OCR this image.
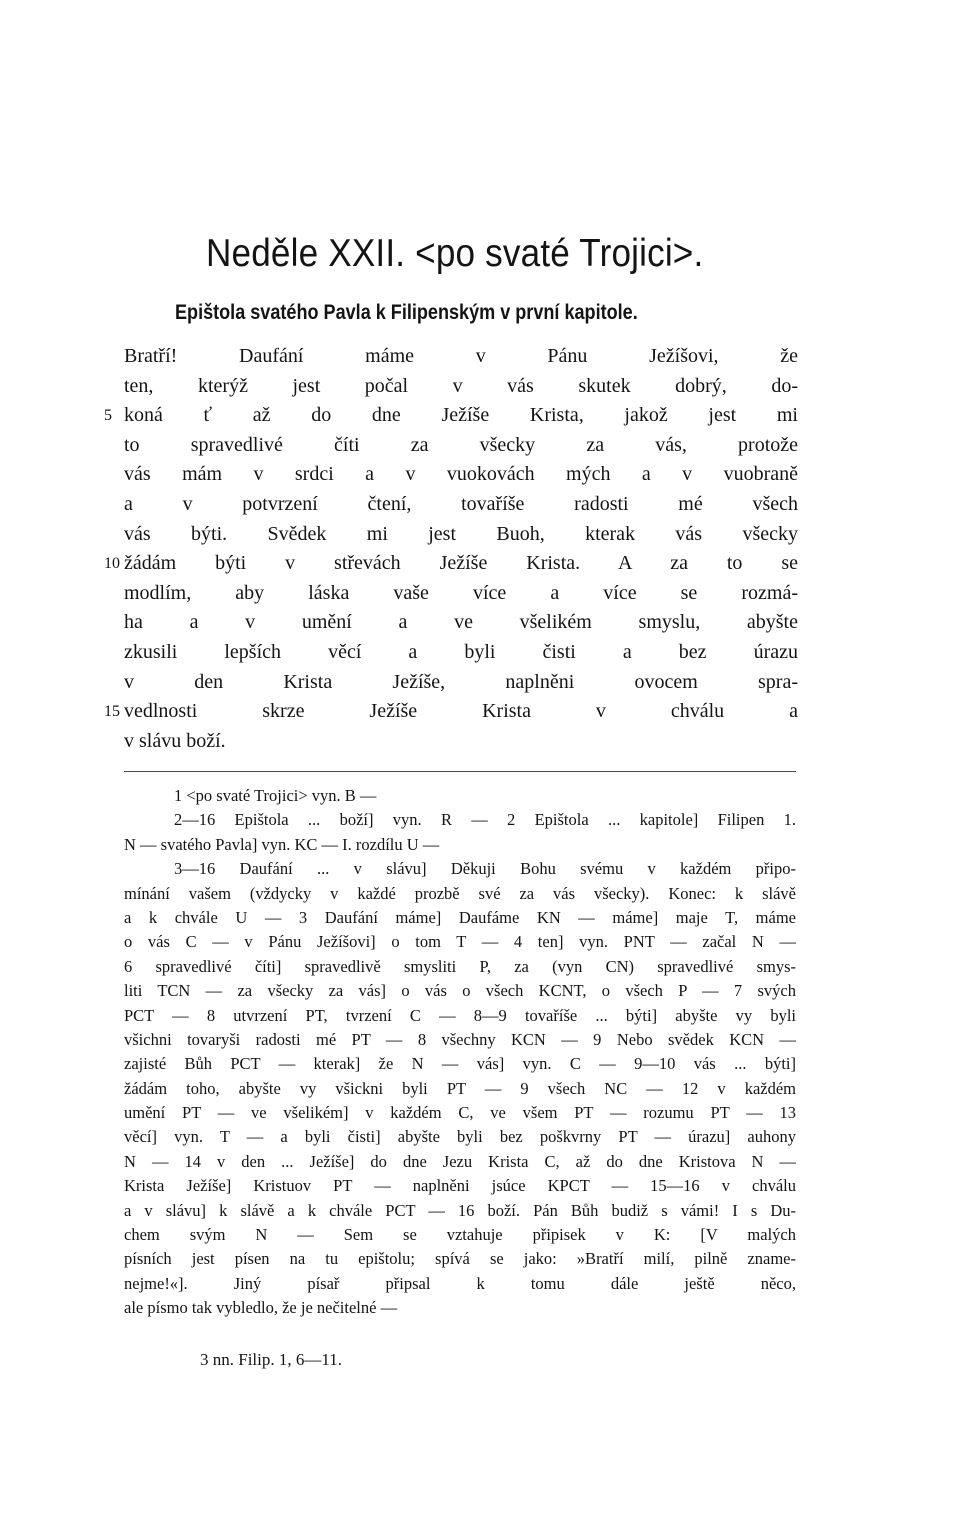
Neděle XXII. <po svaté Trojici>.
Epištola svatého Pavla k Filipenským v první kapitole.
Bratří! Daufání máme v Pánu Ježíšovi, že
ten, kterýž jest počal v vás skutek dobrý, do-
5 koná ť až do dne Ježíše Krista, jakož jest mi
to spravedlivé číti za všecky za vás, protože
vás mám v srdci a v vuokovách mých a v vuobraně
a v potvrzení čtení, tovaříše radosti mé všech
vás býti. Svědek mi jest Buoh, kterak vás všecky
10 žádám býti v střevách Ježíše Krista. A za to se
modlím, aby láska vaše více a více se rozmá-
ha a v umění a ve všelikém smyslu, abyšte
zkusili lepších věcí a byli čisti a bez úrazu
v den Krista Ježíše, naplněni ovocem spra-
15 vedlnosti skrze Ježíše Krista v chválu a
v slávu boží.
1 <po svaté Trojici> vyn. B —
2—16 Epištola ... boží] vyn. R — 2 Epištola ... kapitole] Filipen 1.
N — svatého Pavla] vyn. KC — I. rozdílu U —
3—16 Daufání ... v slávu] Děkuji Bohu svému v každém připo-
mínání vašem (vždycky v každé prozbě své za vás všecky). Konec: k slávě
a k chvále U — 3 Daufání máme] Daufáme KN — máme] maje T, máme
o vás C — v Pánu Ježíšovi] o tom T — 4 ten] vyn. PNT — začal N —
6 spravedlivé číti] spravedlivě smysliti P, za (vyn CN) spravedlivé smys-
liti TCN — za všecky za vás] o vás o všech KCNT, o všech P — 7 svých
PCT — 8 utvrzení PT, tvrzení C — 8—9 tovaříše ... býti] abyšte vy byli
všichni tovaryši radosti mé PT — 8 všechny KCN — 9 Nebo svědek KCN —
zajisté Bůh PCT — kterak] že N — vás] vyn. C — 9—10 vás ... býti]
žádám toho, abyšte vy všickni byli PT — 9 všech NC — 12 v každém
umění PT — ve všelikém] v každém C, ve všem PT — rozumu PT — 13
věcí] vyn. T — a byli čisti] abyšte byli bez poškvrny PT — úrazu] auhony
N — 14 v den ... Ježíše] do dne Jezu Krista C, až do dne Kristova N —
Krista Ježíše] Kristuov PT — naplněni jsúce KPCT — 15—16 v chválu
a v slávu] k slávě a k chvále PCT — 16 boží. Pán Bůh budiž s vámi! I s Du-
chem svým N — Sem se vztahuje připisek v K: [V malých
písních jest písen na tu epištolu; spívá se jako: »Bratří milí, pilně zname-
nejme!«]. Jiný písař připsal k tomu dále ještě něco,
ale písmo tak vybledlo, že je nečitelné —
3 nn. Filip. 1, 6—11.
